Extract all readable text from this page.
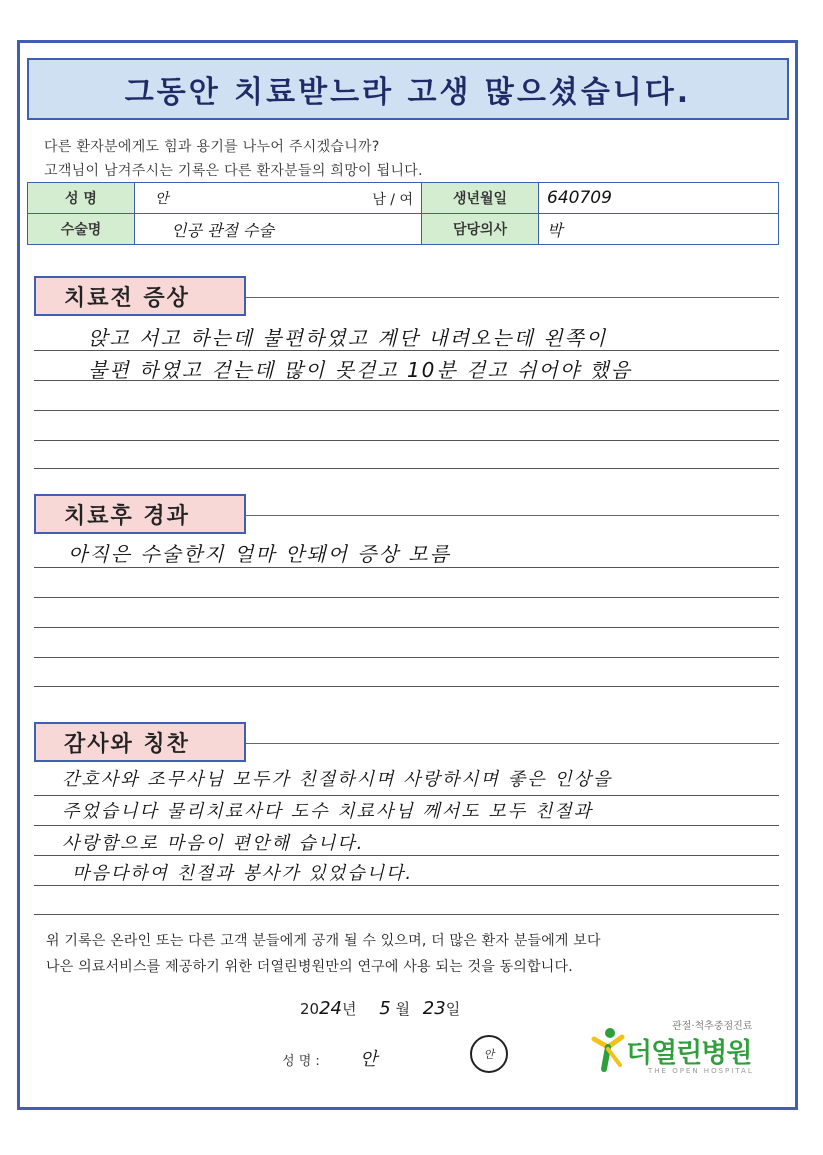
그동안 치료받느라 고생 많으셨습니다.
다른 환자분에게도 힘과 용기를 나누어 주시겠습니까?
고객님이 남겨주시는 기록은 다른 환자분들의 희망이 됩니다.
성 명	안 남 / 여	생년월일	640709
수술명	인공 관절 수술	담당의사	박
치료전 증상
앉고 서고 하는데 불편하였고 계단 내려오는데 왼쪽이
불편 하였고 걷는데 많이 못걷고 10분 걷고 쉬어야 했음
치료후 경과
아직은 수술한지 얼마 안돼어 증상 모름
감사와 칭찬
간호사와 조무사님 모두가 친절하시며 사랑하시며 좋은 인상을
주었습니다 물리치료사다 도수 치료사님 께서도 모두 친절과
사랑함으로 마음이 편안해 습니다.
마음다하여 친절과 봉사가 있었습니다.
위 기록은 온라인 또는 다른 고객 분들에게 공개 될 수 있으며, 더 많은 환자 분들에게 보다
나은 의료서비스를 제공하기 위한 더열린병원만의 연구에 사용 되는 것을 동의합니다.
2024년 5 월 23일
성 명 : 안	안
관절·척추중점진료
더열린병원
THE OPEN HOSPITAL
